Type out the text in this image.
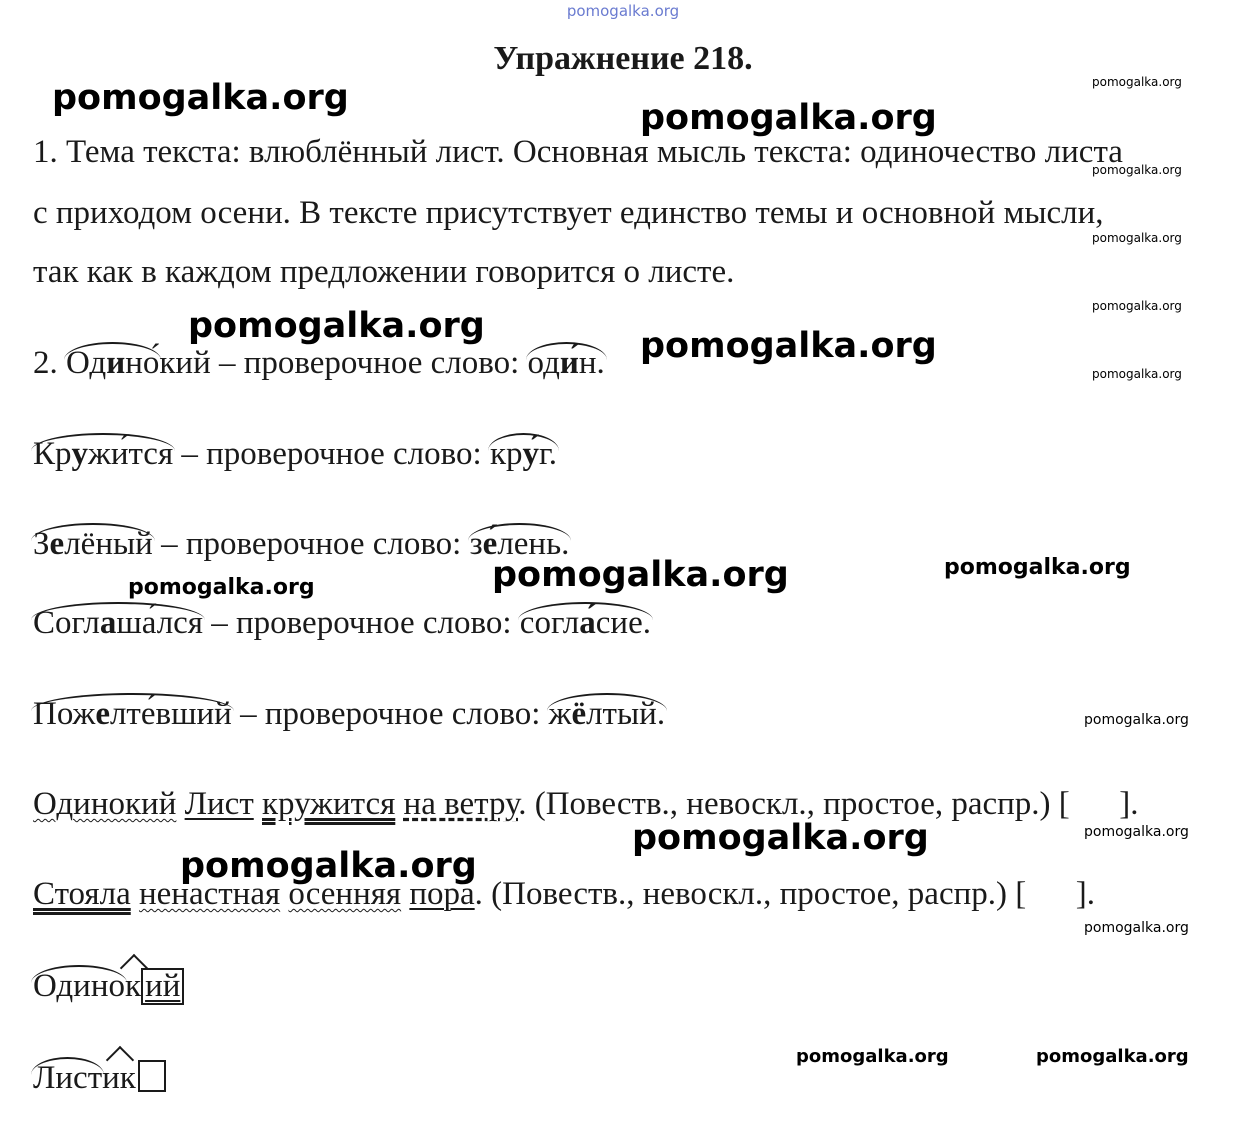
pomogalka.org
Упражнение 218.
1. Тема текста: влюблённый лист. Основная мысль текста: одиночество листа
с приходом осени. В тексте присутствует единство темы и основной мысли,
так как в каждом предложении говорится о листе.
2. Одино́кий – проверочное слово: оди́н.
Кружи́тся – проверочное слово: кру́г.
Зелёный – проверочное слово: зе́лень.
Соглаша́лся – проверочное слово: согла́сие.
Пожелте́вший – проверочное слово: жёлтый.
Одинокий Лист кружится на ветру. (Повеств., невоскл., простое, распр.) [      ].
Стояла ненастная осенняя пора. (Повеств., невоскл., простое, распр.) [      ].
Одинок ий
Листик
pomogalka.org	pomogalka.org
pomogalka.org	pomogalka.org
pomogalka.org
pomogalka.org
pomogalka.org
pomogalka.org
pomogalka.org
pomogalka.org	pomogalka.org
pomogalka.org
pomogalka.org
pomogalka.org
pomogalka.org
pomogalka.org
pomogalka.org
pomogalka.org
pomogalka.org
